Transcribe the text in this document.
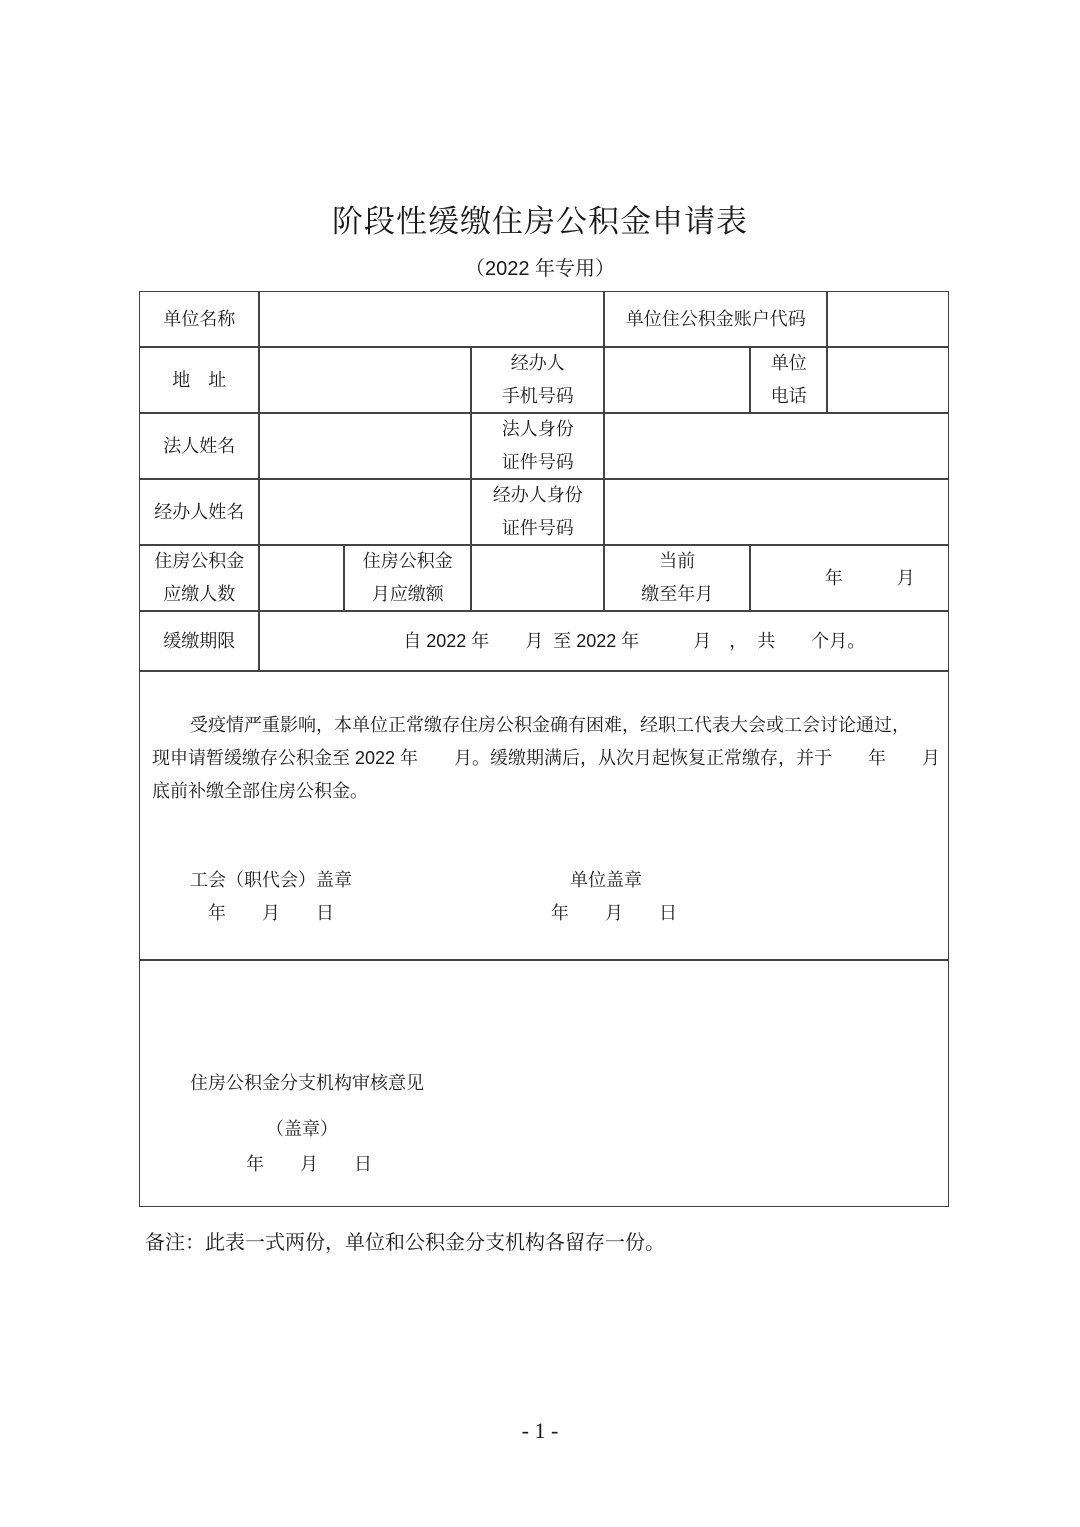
阶段性缓缴住房公积金申请表
（2022 年专用）
单位名称	单位住公积金账户代码
地　址
经办人
手机号码
单位
电话
法人姓名
法人身份
证件号码
经办人姓名
经办人身份
证件号码
住房公积金
应缴人数
住房公积金
月应缴额
当前
缴至年月
年　　　月
缓缴期限	自 2022 年　　月  至 2022 年　　　月　，  共　　个月。
受疫情严重影响，本单位正常缴存住房公积金确有困难，经职工代表大会或工会讨论通过，
现申请暂缓缴存公积金至 2022 年　　月。缓缴期满后，从次月起恢复正常缴存，并于　　年　　月
底前补缴全部住房公积金。
工会（职代会）盖章
年　　月　　日
单位盖章
年　　月　　日
住房公积金分支机构审核意见
（盖章）
年　　月　　日
备注：此表一式两份，单位和公积金分支机构各留存一份。
- 1 -
